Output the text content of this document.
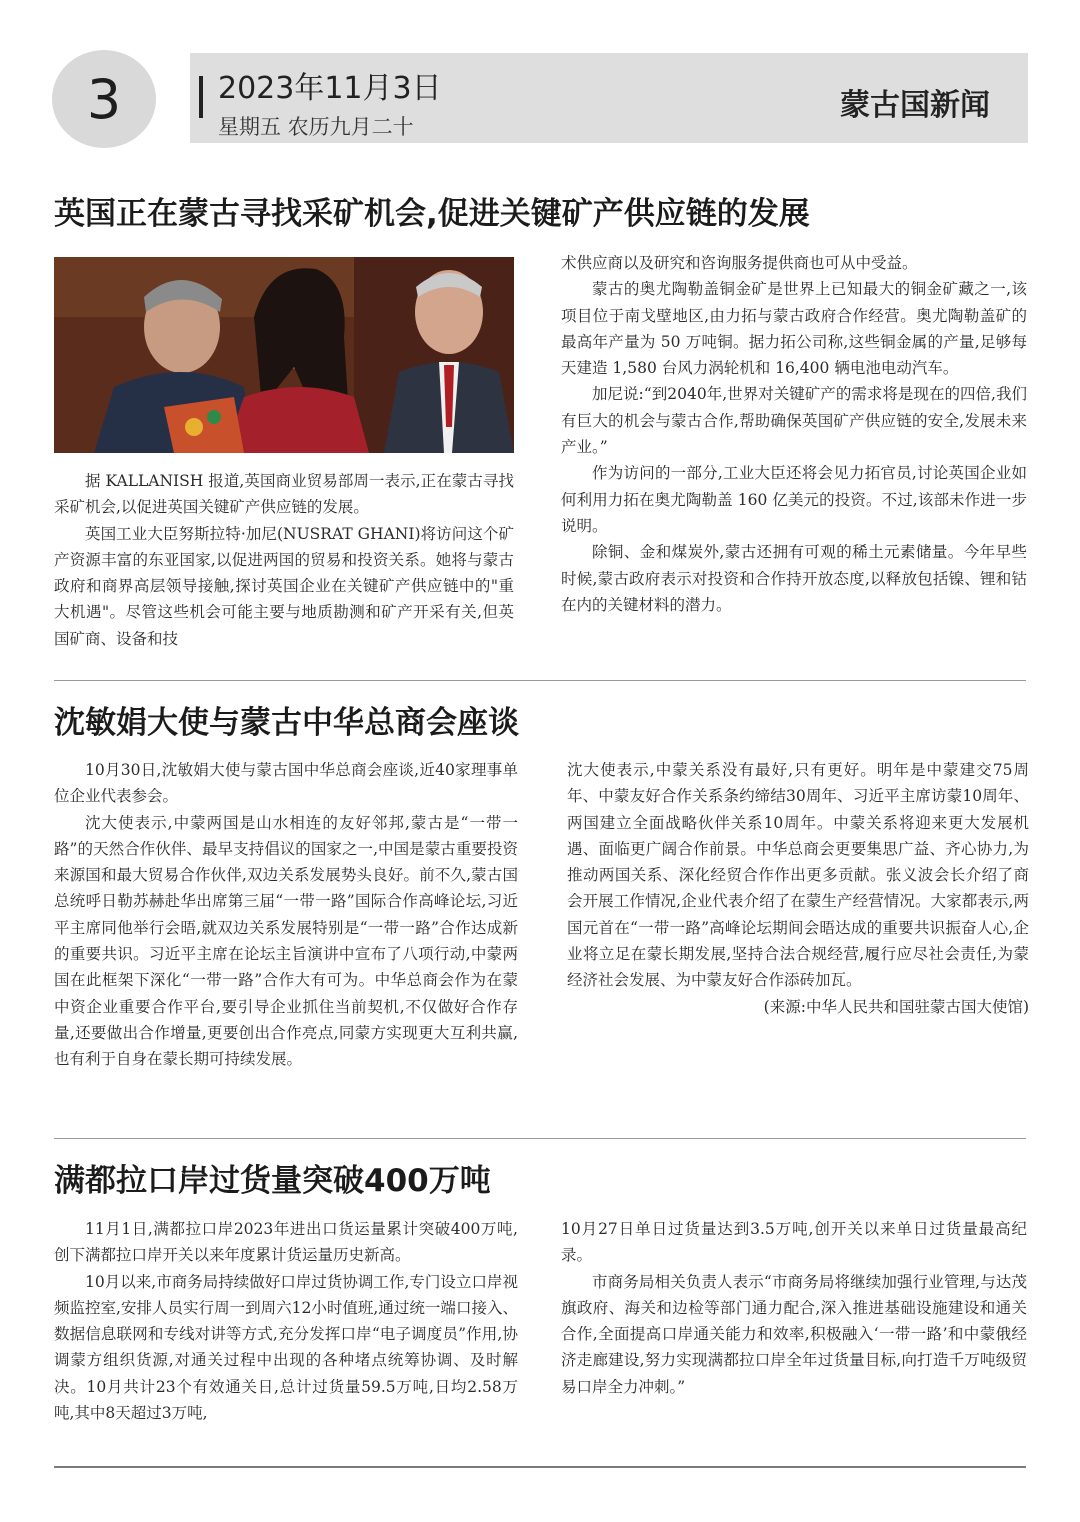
3	2023年11月3日
星期五 农历九月二十
蒙古国新闻
英国正在蒙古寻找采矿机会,促进关键矿产供应链的发展

据 KALLANISH 报道,英国商业贸易部周一表示,正在蒙古寻找采矿机会,以促进英国关键矿产供应链的发展。

英国工业大臣努斯拉特·加尼(NUSRAT GHANI)将访问这个矿产资源丰富的东亚国家,以促进两国的贸易和投资关系。她将与蒙古政府和商界高层领导接触,探讨英国企业在关键矿产供应链中的"重大机遇"。尽管这些机会可能主要与地质勘测和矿产开采有关,但英国矿商、设备和技

术供应商以及研究和咨询服务提供商也可从中受益。

蒙古的奥尤陶勒盖铜金矿是世界上已知最大的铜金矿藏之一,该项目位于南戈壁地区,由力拓与蒙古政府合作经营。奥尤陶勒盖矿的最高年产量为 50 万吨铜。据力拓公司称,这些铜金属的产量,足够每天建造 1,580 台风力涡轮机和 16,400 辆电池电动汽车。

加尼说:“到2040年,世界对关键矿产的需求将是现在的四倍,我们有巨大的机会与蒙古合作,帮助确保英国矿产供应链的安全,发展未来产业。”

作为访问的一部分,工业大臣还将会见力拓官员,讨论英国企业如何利用力拓在奥尤陶勒盖 160 亿美元的投资。不过,该部未作进一步说明。

除铜、金和煤炭外,蒙古还拥有可观的稀土元素储量。今年早些时候,蒙古政府表示对投资和合作持开放态度,以释放包括镍、锂和钴在内的关键材料的潜力。

沈敏娟大使与蒙古中华总商会座谈

10月30日,沈敏娟大使与蒙古国中华总商会座谈,近40家理事单位企业代表参会。

沈大使表示,中蒙两国是山水相连的友好邻邦,蒙古是“一带一路”的天然合作伙伴、最早支持倡议的国家之一,中国是蒙古重要投资来源国和最大贸易合作伙伴,双边关系发展势头良好。前不久,蒙古国总统呼日勒苏赫赴华出席第三届“一带一路”国际合作高峰论坛,习近平主席同他举行会晤,就双边关系发展特别是“一带一路”合作达成新的重要共识。习近平主席在论坛主旨演讲中宣布了八项行动,中蒙两国在此框架下深化“一带一路”合作大有可为。中华总商会作为在蒙中资企业重要合作平台,要引导企业抓住当前契机,不仅做好合作存量,还要做出合作增量,更要创出合作亮点,同蒙方实现更大互利共赢,也有利于自身在蒙长期可持续发展。

沈大使表示,中蒙关系没有最好,只有更好。明年是中蒙建交75周年、中蒙友好合作关系条约缔结30周年、习近平主席访蒙10周年、两国建立全面战略伙伴关系10周年。中蒙关系将迎来更大发展机遇、面临更广阔合作前景。中华总商会更要集思广益、齐心协力,为推动两国关系、深化经贸合作作出更多贡献。张义波会长介绍了商会开展工作情况,企业代表介绍了在蒙生产经营情况。大家都表示,两国元首在“一带一路”高峰论坛期间会晤达成的重要共识振奋人心,企业将立足在蒙长期发展,坚持合法合规经营,履行应尽社会责任,为蒙经济社会发展、为中蒙友好合作添砖加瓦。

(来源:中华人民共和国驻蒙古国大使馆)

满都拉口岸过货量突破400万吨

11月1日,满都拉口岸2023年进出口货运量累计突破400万吨,创下满都拉口岸开关以来年度累计货运量历史新高。

10月以来,市商务局持续做好口岸过货协调工作,专门设立口岸视频监控室,安排人员实行周一到周六12小时值班,通过统一端口接入、数据信息联网和专线对讲等方式,充分发挥口岸“电子调度员”作用,协调蒙方组织货源,对通关过程中出现的各种堵点统筹协调、及时解决。10月共计23个有效通关日,总计过货量59.5万吨,日均2.58万吨,其中8天超过3万吨,

10月27日单日过货量达到3.5万吨,创开关以来单日过货量最高纪录。

市商务局相关负责人表示“市商务局将继续加强行业管理,与达茂旗政府、海关和边检等部门通力配合,深入推进基础设施建设和通关合作,全面提高口岸通关能力和效率,积极融入‘一带一路’和中蒙俄经济走廊建设,努力实现满都拉口岸全年过货量目标,向打造千万吨级贸易口岸全力冲刺。”
